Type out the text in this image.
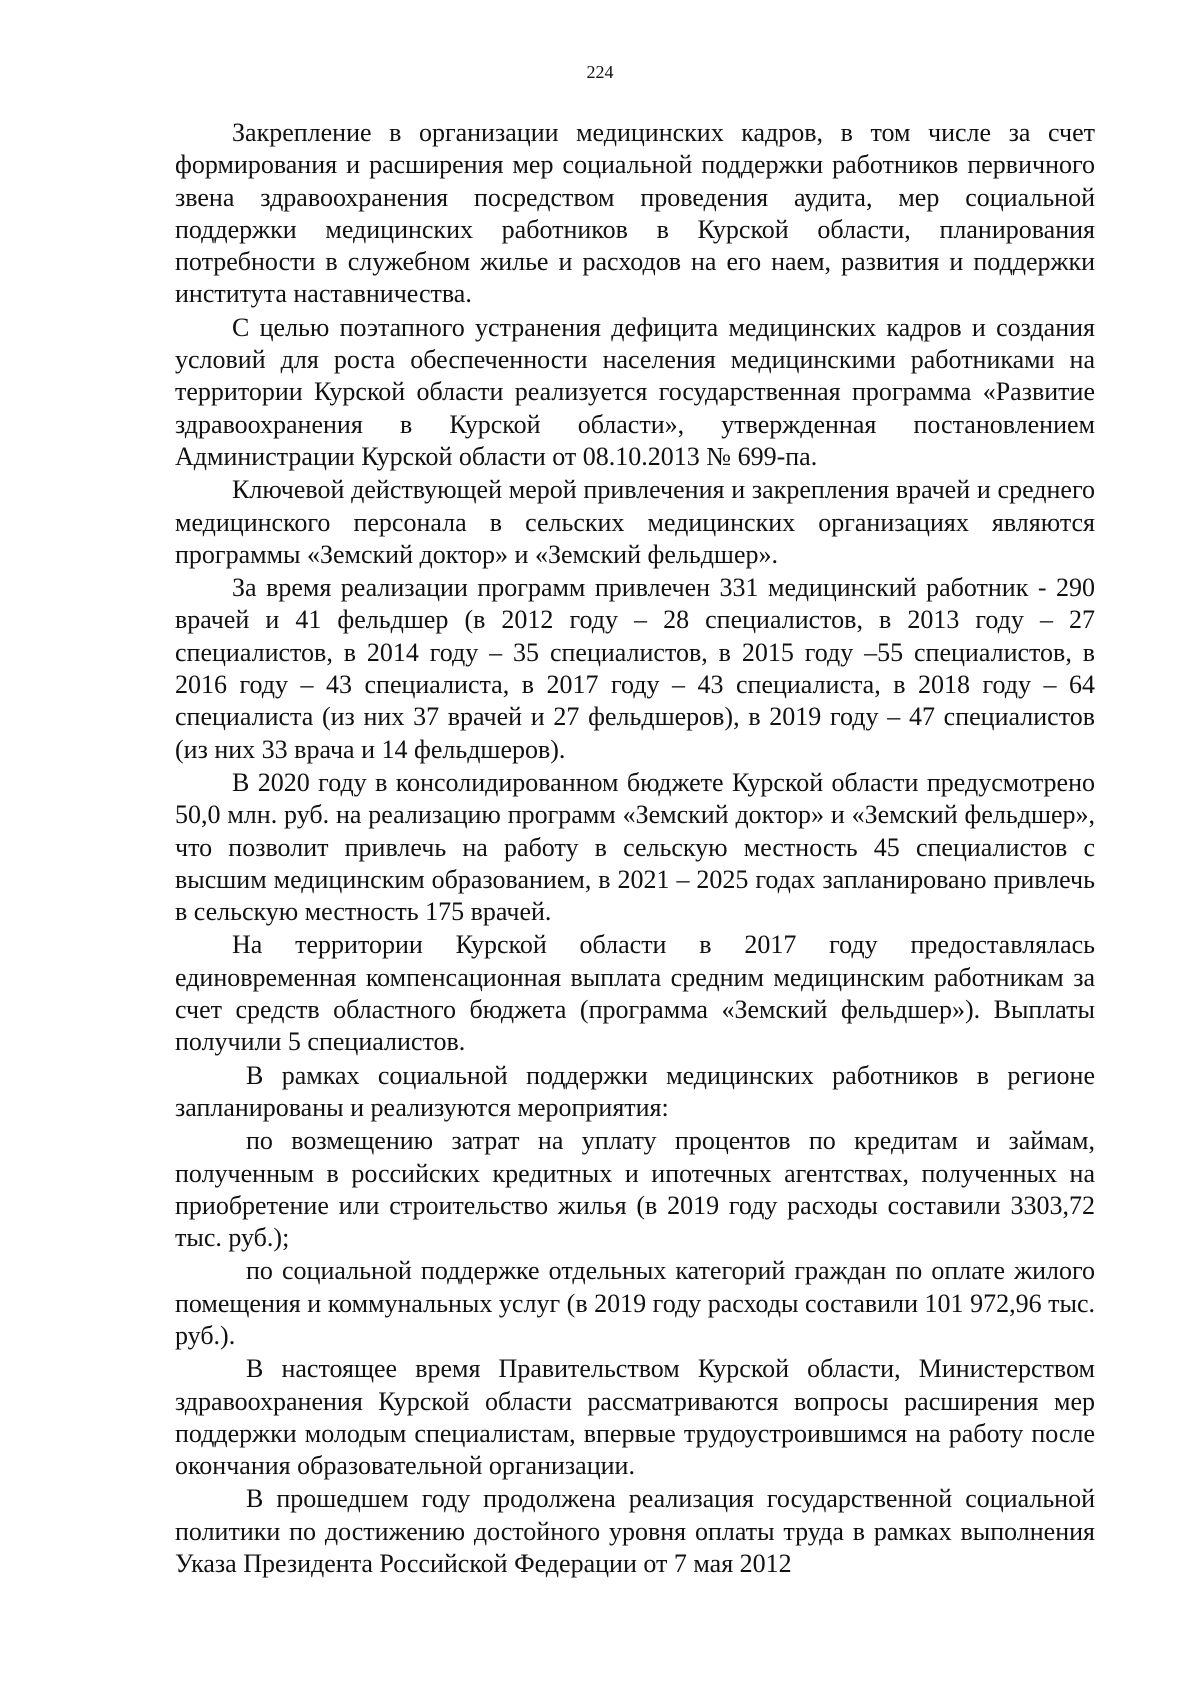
224

Закрепление в организации медицинских кадров, в том числе за счет формирования и расширения мер социальной поддержки работников первичного звена здравоохранения посредством проведения аудита, мер социальной поддержки медицинских работников в Курской области, планирования потребности в служебном жилье и расходов на его наем, развития и поддержки института наставничества.

С целью поэтапного устранения дефицита медицинских кадров и создания условий для роста обеспеченности населения медицинскими работниками на территории Курской области реализуется государственная программа «Развитие здравоохранения в Курской области», утвержденная постановлением Администрации Курской области от 08.10.2013 № 699-па.

Ключевой действующей мерой привлечения и закрепления врачей и среднего медицинского персонала в сельских медицинских организациях являются программы «Земский доктор» и «Земский фельдшер».

За время реализации программ привлечен 331 медицинский работник - 290 врачей и 41 фельдшер (в 2012 году – 28 специалистов, в 2013 году – 27 специалистов, в 2014 году – 35 специалистов, в 2015 году –55 специалистов, в 2016 году – 43 специалиста, в 2017 году – 43 специалиста, в 2018 году – 64 специалиста (из них 37 врачей и 27 фельдшеров), в 2019 году – 47 специалистов (из них 33 врача и 14 фельдшеров).

В 2020 году в консолидированном бюджете Курской области предусмотрено 50,0 млн. руб. на реализацию программ «Земский доктор» и «Земский фельдшер», что позволит привлечь на работу в сельскую местность 45 специалистов с высшим медицинским образованием, в 2021 – 2025 годах запланировано привлечь в сельскую местность 175 врачей.

На территории Курской области в 2017 году предоставлялась единовременная компенсационная выплата средним медицинским работникам за счет средств областного бюджета (программа «Земский фельдшер»). Выплаты получили 5 специалистов.

В рамках социальной поддержки медицинских работников в регионе запланированы и реализуются мероприятия:

по возмещению затрат на уплату процентов по кредитам и займам, полученным в российских кредитных и ипотечных агентствах, полученных на приобретение или строительство жилья (в 2019 году расходы составили 3303,72 тыс. руб.);

по социальной поддержке отдельных категорий граждан по оплате жилого помещения и коммунальных услуг (в 2019 году расходы составили 101 972,96 тыс. руб.).

В настоящее время Правительством Курской области, Министерством здравоохранения Курской области рассматриваются вопросы расширения мер поддержки молодым специалистам, впервые трудоустроившимся на работу после окончания образовательной организации.

В прошедшем году продолжена реализация государственной социальной политики по достижению достойного уровня оплаты труда в рамках выполнения Указа Президента Российской Федерации от 7 мая 2012
